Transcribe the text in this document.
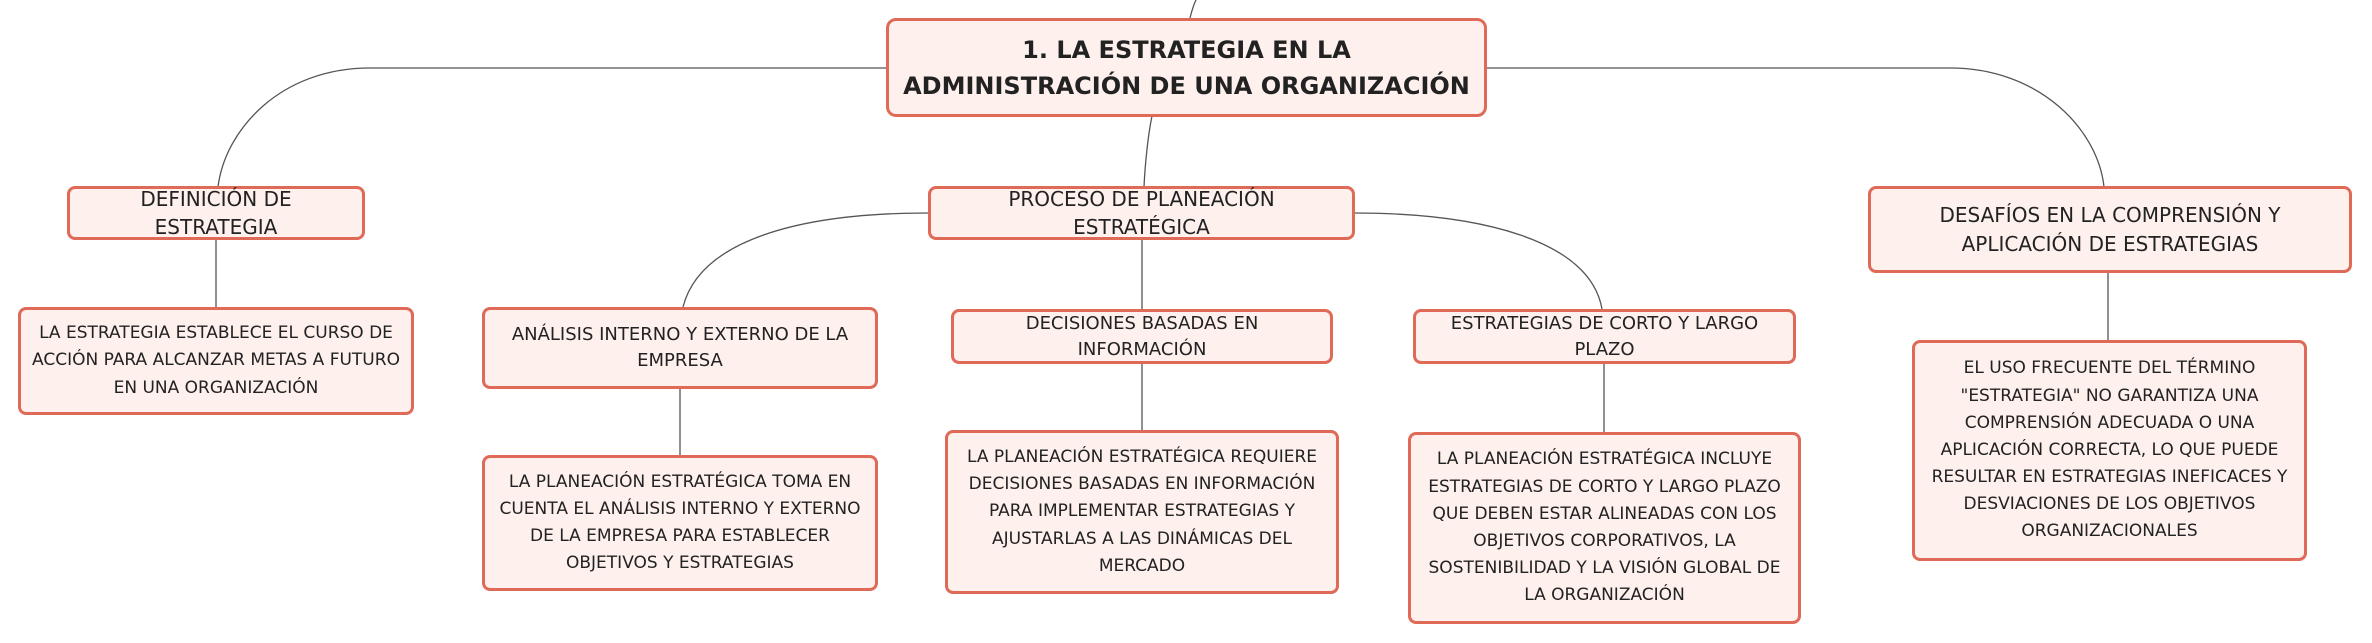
1. LA ESTRATEGIA EN LA ADMINISTRACIÓN DE UNA ORGANIZACIÓN
DEFINICIÓN DE ESTRATEGIA
LA ESTRATEGIA ESTABLECE EL CURSO DE ACCIÓN PARA ALCANZAR METAS A FUTURO EN UNA ORGANIZACIÓN
PROCESO DE PLANEACIÓN ESTRATÉGICA
ANÁLISIS INTERNO Y EXTERNO DE LA EMPRESA
LA PLANEACIÓN ESTRATÉGICA TOMA EN CUENTA EL ANÁLISIS INTERNO Y EXTERNO DE LA EMPRESA PARA ESTABLECER OBJETIVOS Y ESTRATEGIAS
DECISIONES BASADAS EN INFORMACIÓN
LA PLANEACIÓN ESTRATÉGICA REQUIERE DECISIONES BASADAS EN INFORMACIÓN PARA IMPLEMENTAR ESTRATEGIAS Y AJUSTARLAS A LAS DINÁMICAS DEL MERCADO
ESTRATEGIAS DE CORTO Y LARGO PLAZO
LA PLANEACIÓN ESTRATÉGICA INCLUYE ESTRATEGIAS DE CORTO Y LARGO PLAZO QUE DEBEN ESTAR ALINEADAS CON LOS OBJETIVOS CORPORATIVOS, LA SOSTENIBILIDAD Y LA VISIÓN GLOBAL DE LA ORGANIZACIÓN
DESAFÍOS EN LA COMPRENSIÓN Y APLICACIÓN DE ESTRATEGIAS
EL USO FRECUENTE DEL TÉRMINO "ESTRATEGIA" NO GARANTIZA UNA COMPRENSIÓN ADECUADA O UNA APLICACIÓN CORRECTA, LO QUE PUEDE RESULTAR EN ESTRATEGIAS INEFICACES Y DESVIACIONES DE LOS OBJETIVOS ORGANIZACIONALES
